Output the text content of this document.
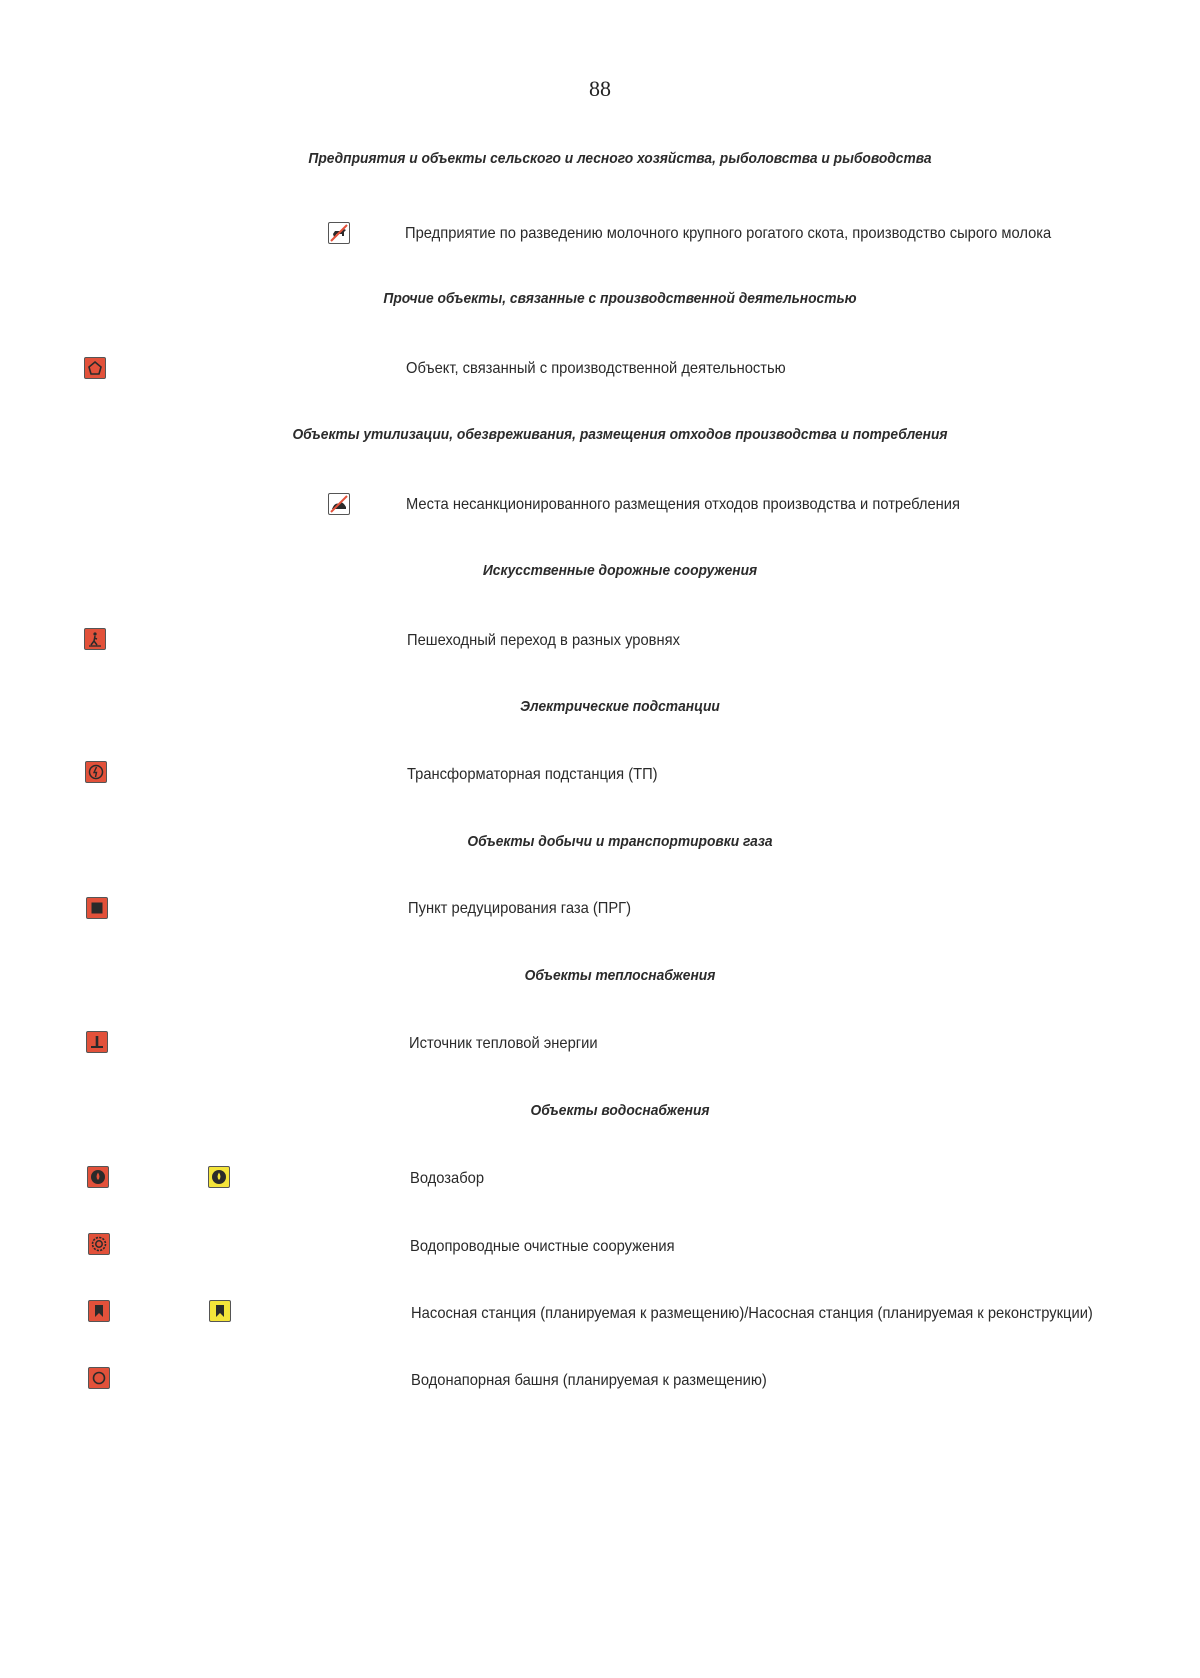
88
Предприятия и объекты сельского и лесного хозяйства, рыболовства и рыбоводства
Предприятие по разведению молочного крупного рогатого скота, производство сырого молока
Прочие объекты, связанные с производственной деятельностью
Объект, связанный с производственной деятельностью
Объекты утилизации, обезвреживания, размещения отходов производства и потребления
Места несанкционированного размещения отходов производства и потребления
Искусственные дорожные сооружения
Пешеходный переход в разных уровнях
Электрические подстанции
Трансформаторная подстанция (ТП)
Объекты добычи и транспортировки газа
Пункт редуцирования газа (ПРГ)
Объекты теплоснабжения
Источник тепловой энергии
Объекты водоснабжения
Водозабор
Водопроводные очистные сооружения
Насосная станция (планируемая к размещению)/Насосная станция (планируемая к реконструкции)
Водонапорная башня (планируемая к размещению)
